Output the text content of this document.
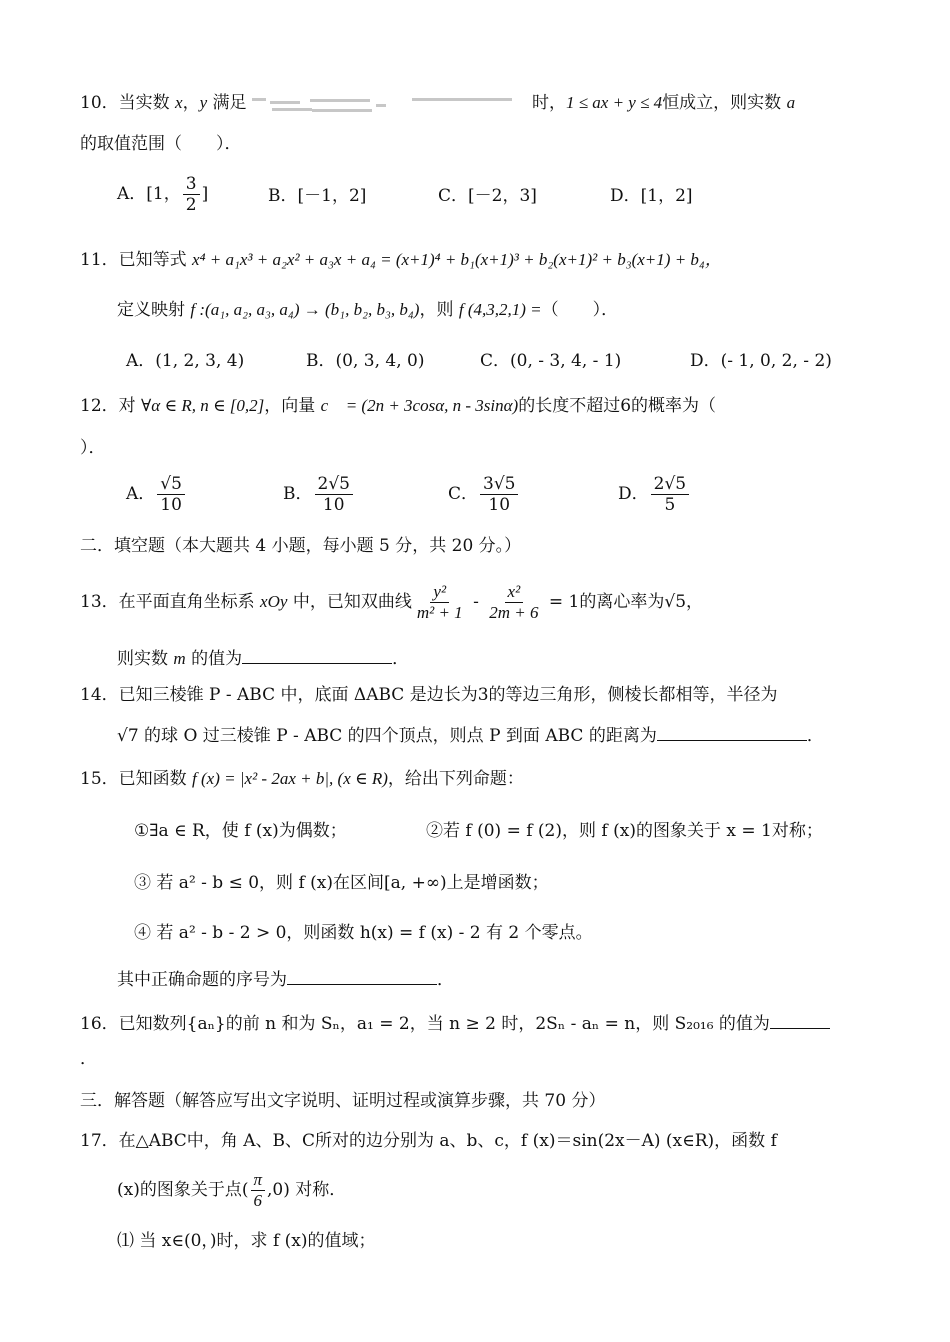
10．当实数 x，y 满足	时，1 ≤ ax + y ≤ 4恒成立，则实数 a
的取值范围（　　）．
A．[1， $\frac{3}{2}$ ]	B．[－1，2]	C．[－2，3]	D．[1，2]
11．已知等式 x⁴ + a₁x³ + a₂x² + a₃x + a₄ = (x+1)⁴ + b₁(x+1)³ + b₂(x+1)² + b₃(x+1) + b₄，
定义映射 f :(a₁, a₂, a₃, a₄) → (b₁, b₂, b₃, b₄)，则 f (4,3,2,1) =（　　）．
A．(1, 2, 3, 4)	B．(0, 3, 4, 0)	C．(0, - 3, 4, - 1)	D．(- 1, 0, 2, - 2)
12．对 ∀α ∈ R, n ∈ [0,2]，向量 c⃗ = (2n + 3cosα, n - 3sinα)的长度不超过6的概率为（
）．
A． $\frac{√5}{10}$	B． $\frac{2√5}{10}$	C． $\frac{3√5}{10}$	D． $\frac{2√5}{5}$
二．填空题（本大题共 4 小题，每小题 5 分，共 20 分。）
13．在平面直角坐标系 xOy 中，已知双曲线 $\frac{\text{y²}}{\text{m² + 1}} - \frac{\text{x²}}{2m + 6} = 1$的离心率为√5，
则实数 m 的值为	．
14．已知三棱锥 P - ABC 中，底面 ΔABC 是边长为3的等边三角形，侧棱长都相等，半径为
√7 的球 O 过三棱锥 P - ABC 的四个顶点，则点 P 到面 ABC 的距离为	．
15．已知函数 f (x) = |x² - 2ax + b|, (x ∈ R)，给出下列命题：
①∃a ∈ R，使 f (x)为偶数；	②若 f (0) = f (2)，则 f (x)的图象关于 x = 1对称；
③ 若 a² - b ≤ 0，则 f (x)在区间[a, +∞)上是增函数；
④ 若 a² - b - 2 > 0，则函数 h(x) = f (x) - 2 有 2 个零点。
其中正确命题的序号为	．
16．已知数列{aₙ}的前 n 和为 Sₙ，a₁ = 2，当 n ≥ 2 时，2Sₙ - aₙ = n，则 S₂₀₁₆ 的值为
．
三．解答题（解答应写出文字说明、证明过程或演算步骤，共 70 分）
17．在△ABC中，角 A、B、C所对的边分别为 a、b、c，f (x)＝sin(2x－A) (x∈R)，函数 f
(x)的图象关于点( $\frac{\pi}{6} ,0$) 对称．
⑴ 当 x∈(0，)时，求 f (x)的值域；
